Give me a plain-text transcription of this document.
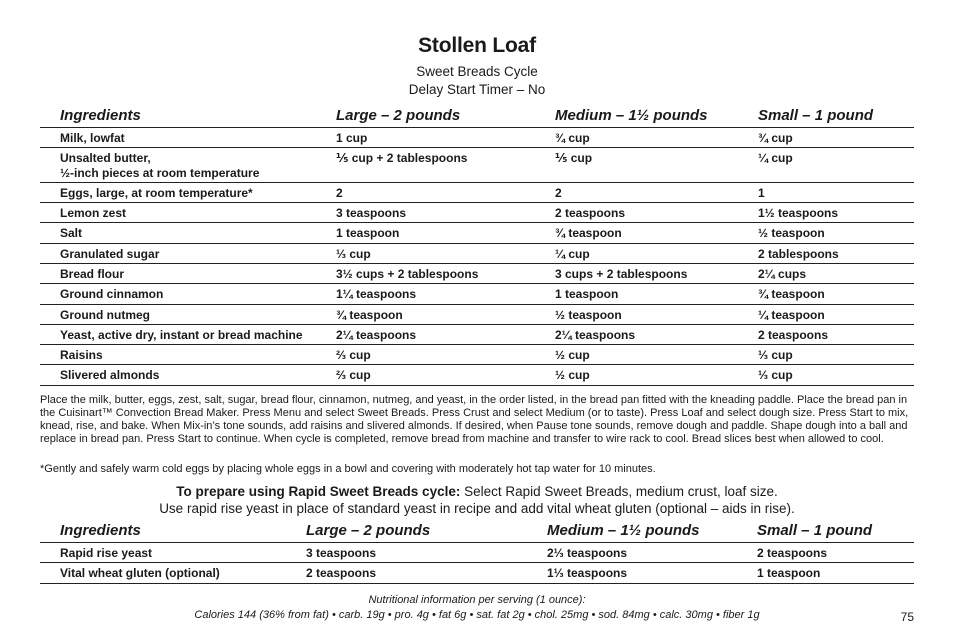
Stollen Loaf
Sweet Breads Cycle
Delay Start Timer – No
Ingredients	Large – 2 pounds	Medium – 1½ pounds	Small – 1 pound
Milk, lowfat	1 cup	¾ cup	¾ cup
Unsalted butter,
½-inch pieces at room temperature	⅕ cup + 2 tablespoons	⅕ cup	¼ cup
Eggs, large, at room temperature*	2	2	1
Lemon zest	3 teaspoons	2 teaspoons	1½ teaspoons
Salt	1 teaspoon	¾ teaspoon	½ teaspoon
Granulated sugar	⅓ cup	¼ cup	2 tablespoons
Bread flour	3½ cups + 2 tablespoons	3 cups + 2 tablespoons	2¼ cups
Ground cinnamon	1¼ teaspoons	1 teaspoon	¾ teaspoon
Ground nutmeg	¾ teaspoon	½ teaspoon	¼ teaspoon
Yeast, active dry, instant or bread machine	2¼ teaspoons	2¼ teaspoons	2 teaspoons
Raisins	⅔ cup	½ cup	⅓ cup
Slivered almonds	⅔ cup	½ cup	⅓ cup
Place the milk, butter, eggs, zest, salt, sugar, bread flour, cinnamon, nutmeg, and yeast, in the order listed, in the bread pan fitted with the kneading paddle. Place the bread pan in the Cuisinart™ Convection Bread Maker. Press Menu and select Sweet Breads. Press Crust and select Medium (or to taste). Press Loaf and select dough size. Press Start to mix, knead, rise, and bake. When Mix-in’s tone sounds, add raisins and slivered almonds. If desired, when Pause tone sounds, remove dough and paddle. Shape dough into a ball and replace in bread pan. Press Start to continue. When cycle is completed, remove bread from machine and transfer to wire rack to cool. Bread slices best when allowed to cool.
*Gently and safely warm cold eggs by placing whole eggs in a bowl and covering with moderately hot tap water for 10 minutes.
To prepare using Rapid Sweet Breads cycle: Select Rapid Sweet Breads, medium crust, loaf size.
Use rapid rise yeast in place of standard yeast in recipe and add vital wheat gluten (optional – aids in rise).
Ingredients	Large – 2 pounds	Medium – 1½ pounds	Small – 1 pound
Rapid rise yeast	3 teaspoons	2⅓ teaspoons	2 teaspoons
Vital wheat gluten (optional)	2 teaspoons	1⅓ teaspoons	1 teaspoon
Nutritional information per serving (1 ounce):
Calories 144 (36% from fat) • carb. 19g • pro. 4g • fat 6g • sat. fat 2g • chol. 25mg • sod. 84mg • calc. 30mg • fiber 1g	75
